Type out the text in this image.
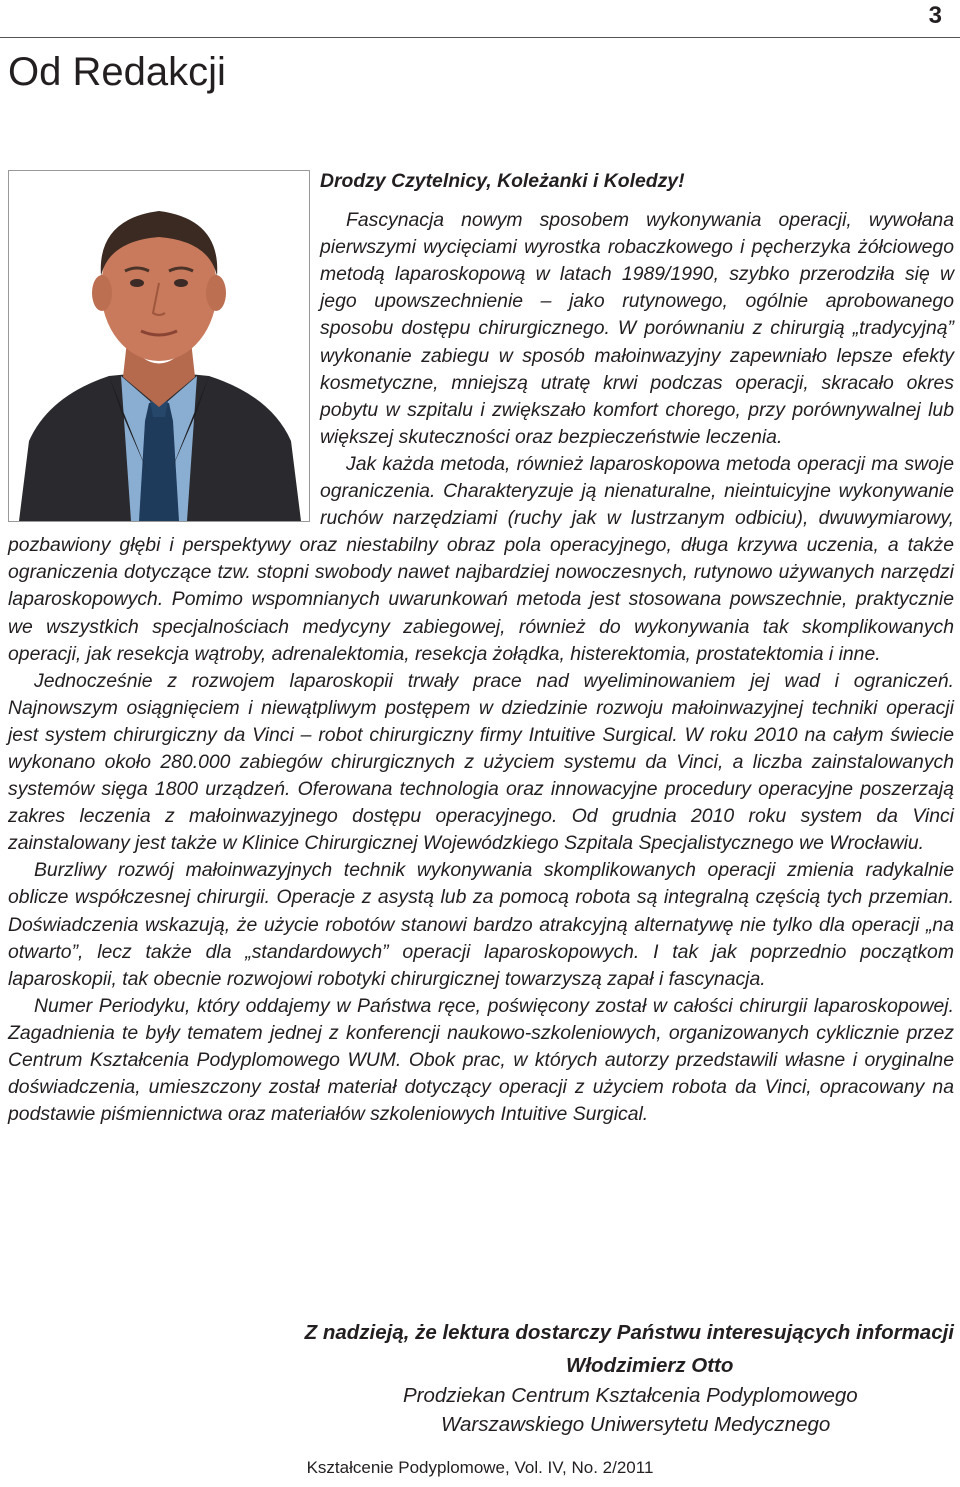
3
Od Redakcji
Drodzy Czytelnicy, Koleżanki i Koledzy!

Fascynacja nowym sposobem wykonywania operacji, wywołana pierwszymi wycięciami wyrostka robaczkowego i pęcherzyka żółciowego metodą laparoskopową w latach 1989/1990, szybko przerodziła się w jego upowszechnienie – jako rutynowego, ogólnie aprobowanego sposobu dostępu chirurgicznego. W porównaniu z chirurgią „tradycyjną” wykonanie zabiegu w sposób małoinwazyjny zapewniało lepsze efekty kosmetyczne, mniejszą utratę krwi podczas operacji, skracało okres pobytu w szpitalu i zwiększało komfort chorego, przy porównywalnej lub większej skuteczności oraz bezpieczeństwie leczenia.

Jak każda metoda, również laparoskopowa metoda operacji ma swoje ograniczenia. Charakteryzuje ją nienaturalne, nieintuicyjne wykonywanie ruchów narzędziami (ruchy jak w lustrzanym odbiciu), dwuwymiarowy, pozbawiony głębi i perspektywy oraz niestabilny obraz pola operacyjnego, długa krzywa uczenia, a także ograniczenia dotyczące tzw. stopni swobody nawet najbardziej nowoczesnych, rutynowo używanych narzędzi laparoskopowych. Pomimo wspomnianych uwarunkowań metoda jest stosowana powszechnie, praktycznie we wszystkich specjalnościach medycyny zabiegowej, również do wykonywania tak skomplikowanych operacji, jak resekcja wątroby, adrenalektomia, resekcja żołądka, histerektomia, prostatektomia i inne.

Jednocześnie z rozwojem laparoskopii trwały prace nad wyeliminowaniem jej wad i ograniczeń. Najnowszym osiągnięciem i niewątpliwym postępem w dziedzinie rozwoju małoinwazyjnej techniki operacji jest system chirurgiczny da Vinci – robot chirurgiczny firmy Intuitive Surgical. W roku 2010 na całym świecie wykonano około 280.000 zabiegów chirurgicznych z użyciem systemu da Vinci, a liczba zainstalowanych systemów sięga 1800 urządzeń. Oferowana technologia oraz innowacyjne procedury operacyjne poszerzają zakres leczenia z małoinwazyjnego dostępu operacyjnego. Od grudnia 2010 roku system da Vinci zainstalowany jest także w Klinice Chirurgicznej Wojewódzkiego Szpitala Specjalistycznego we Wrocławiu.

Burzliwy rozwój małoinwazyjnych technik wykonywania skomplikowanych operacji zmienia radykalnie oblicze współczesnej chirurgii. Operacje z asystą lub za pomocą robota są integralną częścią tych przemian. Doświadczenia wskazują, że użycie robotów stanowi bardzo atrakcyjną alternatywę nie tylko dla operacji „na otwarto”, lecz także dla „standardowych” operacji laparoskopowych. I tak jak poprzednio początkom laparoskopii, tak obecnie rozwojowi robotyki chirurgicznej towarzyszą zapał i fascynacja.

Numer Periodyku, który oddajemy w Państwa ręce, poświęcony został w całości chirurgii laparoskopowej. Zagadnienia te były tematem jednej z konferencji naukowo-szkoleniowych, organizowanych cyklicznie przez Centrum Kształcenia Podyplomowego WUM. Obok prac, w których autorzy przedstawili własne i oryginalne doświadczenia, umieszczony został materiał dotyczący operacji z użyciem robota da Vinci, opracowany na podstawie piśmiennictwa oraz materiałów szkoleniowych Intuitive Surgical.

Z nadzieją, że lektura dostarczy Państwu interesujących informacji
Włodzimierz Otto
Prodziekan Centrum Kształcenia Podyplomowego
Warszawskiego Uniwersytetu Medycznego
Kształcenie Podyplomowe, Vol. IV, No. 2/2011
